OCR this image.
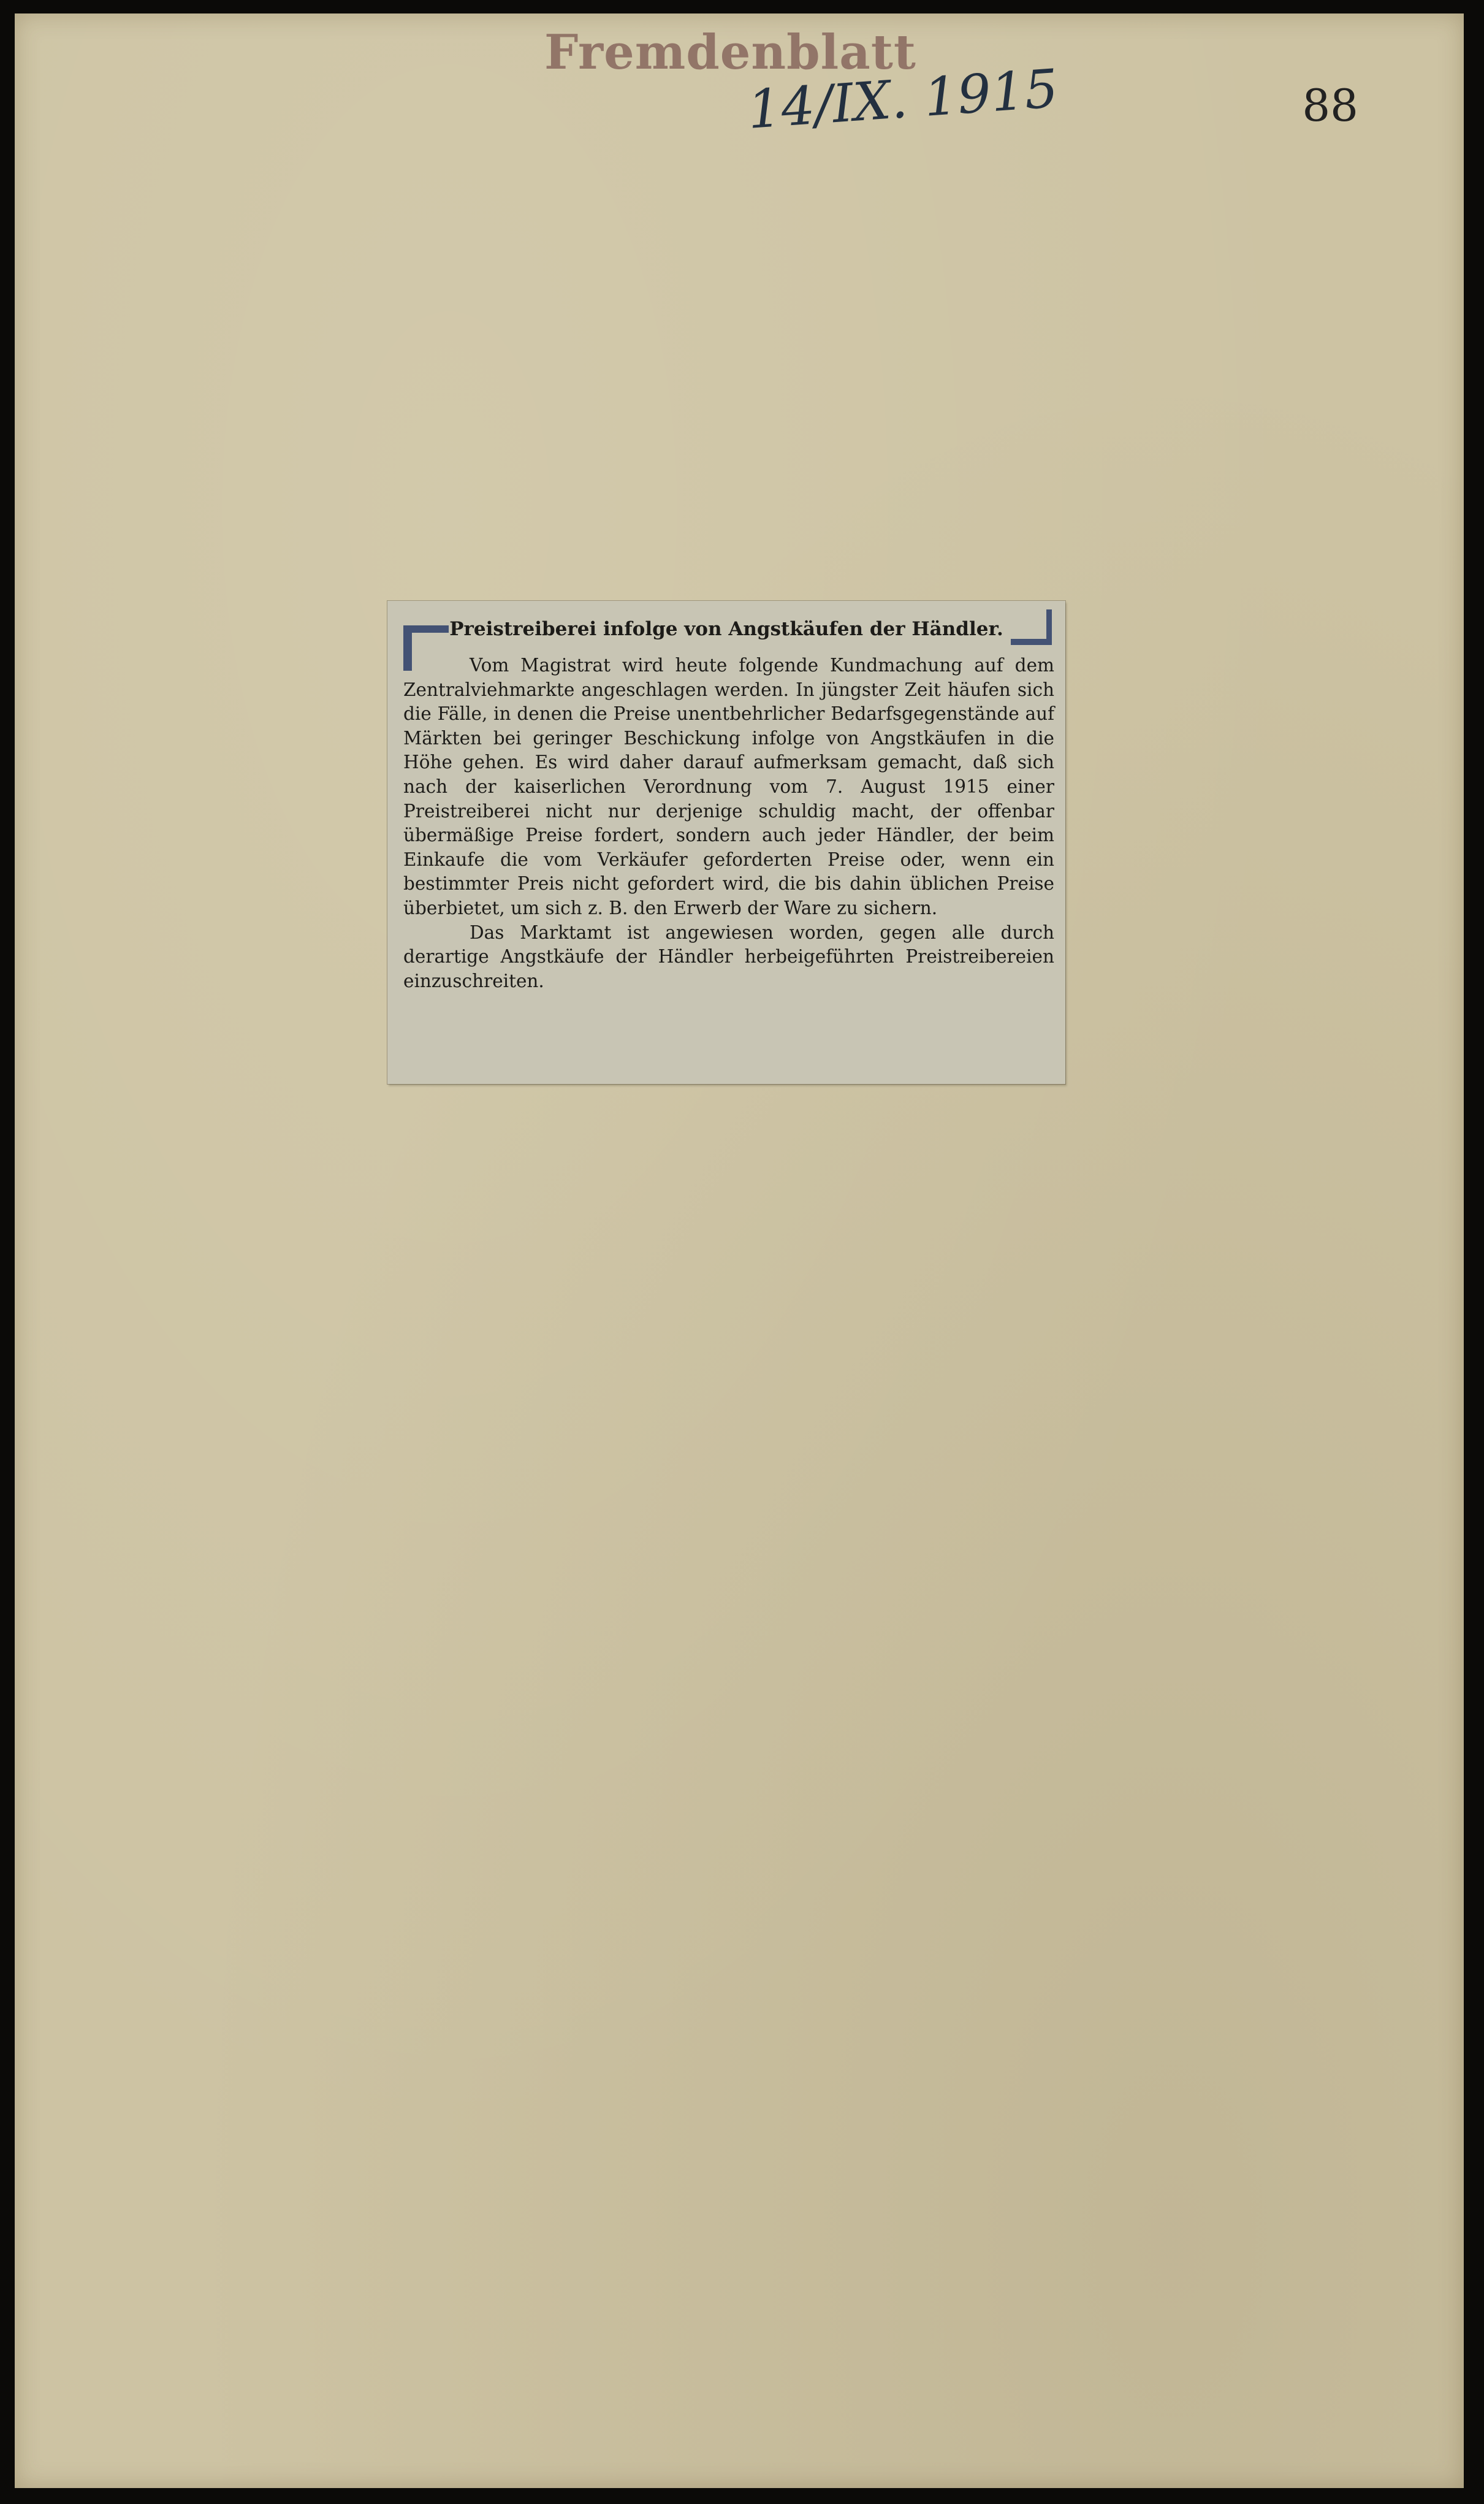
Fremdenblatt
14/IX. 1915	88
Preistreiberei infolge von Angstkäufen der Händler.

Vom Magistrat wird heute folgende Kundmachung auf dem Zentralviehmarkte angeschlagen werden. In jüngster Zeit häufen sich die Fälle, in denen die Preise unentbehrlicher Bedarfsgegenstände auf Märkten bei geringer Beschickung infolge von Angstkäufen in die Höhe gehen. Es wird daher darauf aufmerksam gemacht, daß sich nach der kaiserlichen Verordnung vom 7. August 1915 einer Preistreiberei nicht nur derjenige schuldig macht, der offenbar übermäßige Preise fordert, sondern auch jeder Händler, der beim Einkaufe die vom Verkäufer geforderten Preise oder, wenn ein bestimmter Preis nicht gefordert wird, die bis dahin üblichen Preise überbietet, um sich z. B. den Erwerb der Ware zu sichern.

Das Marktamt ist angewiesen worden, gegen alle durch derartige Angstkäufe der Händler herbeigeführten Preistreibereien einzuschreiten.
